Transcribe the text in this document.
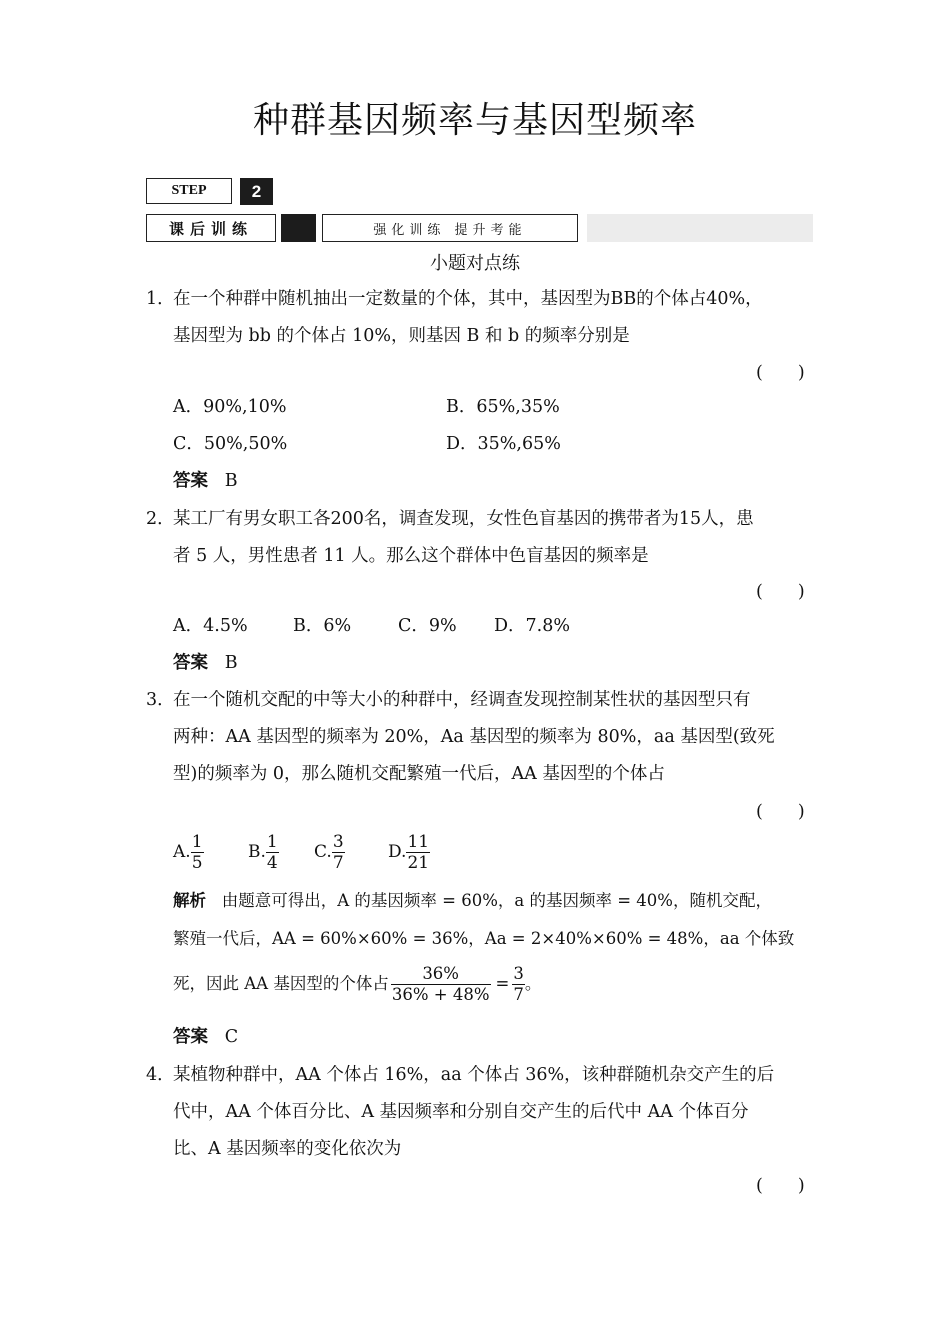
种群基因频率与基因型频率
STEP	2
课后训练	强化训练 提升考能
小题对点练
1．
在一个种群中随机抽出一定数量的个体，其中，基因型为BB的个体占40%，
基因型为 bb 的个体占 10%，则基因 B 和 b 的频率分别是
(　　)
A．90%,10%	B．65%,35%
C．50%,50%	D．35%,65%
答案 B
2．
某工厂有男女职工各200名，调查发现，女性色盲基因的携带者为15人，患
者 5 人，男性患者 11 人。那么这个群体中色盲基因的频率是
(　　)
A．4.5%	B．6%	C．9% D．7.8%
答案 B
3．
在一个随机交配的中等大小的种群中，经调查发现控制某性状的基因型只有
两种：AA 基因型的频率为 20%，Aa 基因型的频率为 80%，aa 基因型(致死
型)的频率为 0，那么随机交配繁殖一代后，AA 基因型的个体占
(　　)
A. $\frac{1}{5}$	B. $\frac{1}{4} C$. $\frac{3}{7}$	D. $\frac{11}{21}$
解析 由题意可得出，A 的基因频率 = 60%，a 的基因频率 = 40%，随机交配，
繁殖一代后，AA = 60%×60% = 36%，Aa = 2×40%×60% = 48%，aa 个体致
死，因此 AA 基因型的个体占 $\frac{36\%}{36\% + 48\%} = \frac{3}{7}$ 。
答案 C
4．
某植物种群中，AA 个体占 16%，aa 个体占 36%，该种群随机杂交产生的后
代中，AA 个体百分比、A 基因频率和分别自交产生的后代中 AA 个体百分
比、A 基因频率的变化依次为
(　　)
